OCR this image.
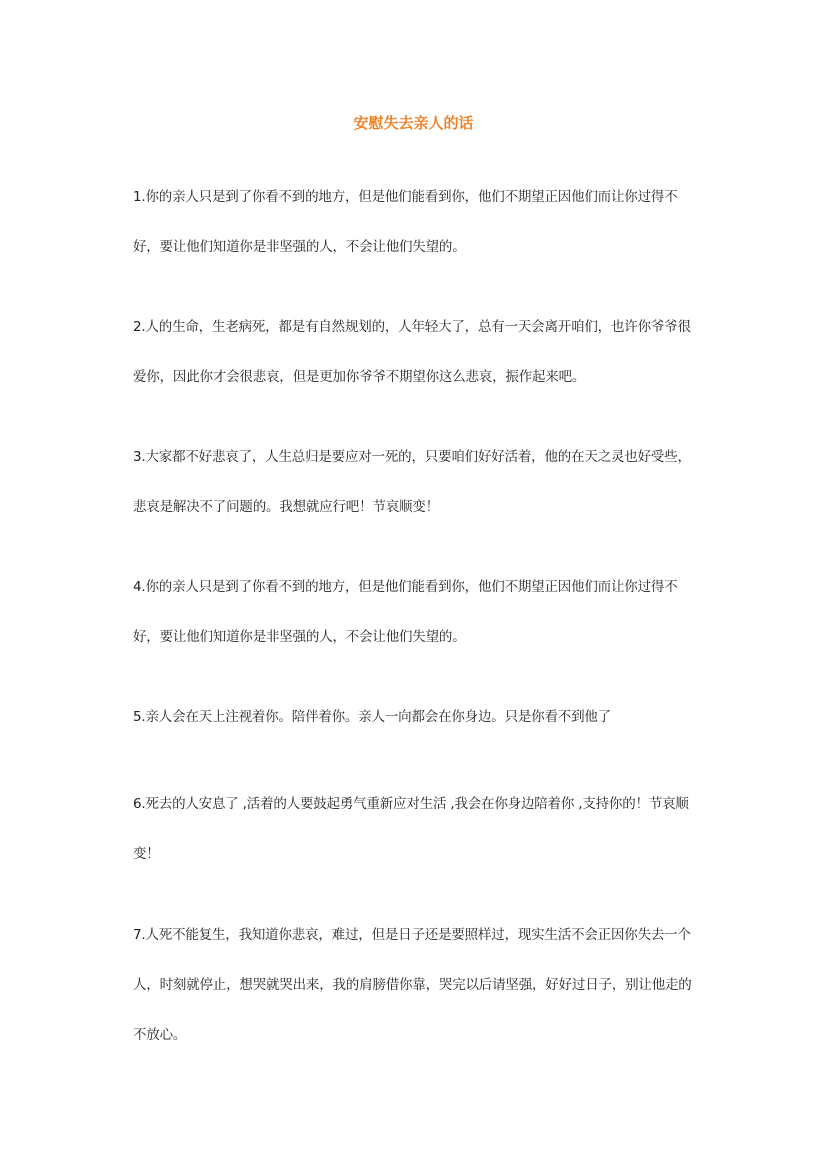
安慰失去亲人的话

1.你的亲人只是到了你看不到的地方，但是他们能看到你，他们不期望正因他们而让你过得不好，要让他们知道你是非坚强的人，不会让他们失望的。

2.人的生命，生老病死，都是有自然规划的，人年轻大了，总有一天会离开咱们，也许你爷爷很爱你，因此你才会很悲哀，但是更加你爷爷不期望你这么悲哀，振作起来吧。

3.大家都不好悲哀了，人生总归是要应对一死的，只要咱们好好活着，他的在天之灵也好受些，悲哀是解决不了问题的。我想就应行吧！节哀顺变！

4.你的亲人只是到了你看不到的地方，但是他们能看到你，他们不期望正因他们而让你过得不好，要让他们知道你是非坚强的人，不会让他们失望的。

5.亲人会在天上注视着你。陪伴着你。亲人一向都会在你身边。只是你看不到他了

6.死去的人安息了 ,活着的人要鼓起勇气重新应对生活 ,我会在你身边陪着你 ,支持你的！节哀顺变！

7.人死不能复生，我知道你悲哀，难过，但是日子还是要照样过，现实生活不会正因你失去一个人，时刻就停止，想哭就哭出来，我的肩膀借你靠，哭完以后请坚强，好好过日子，别让他走的不放心。
